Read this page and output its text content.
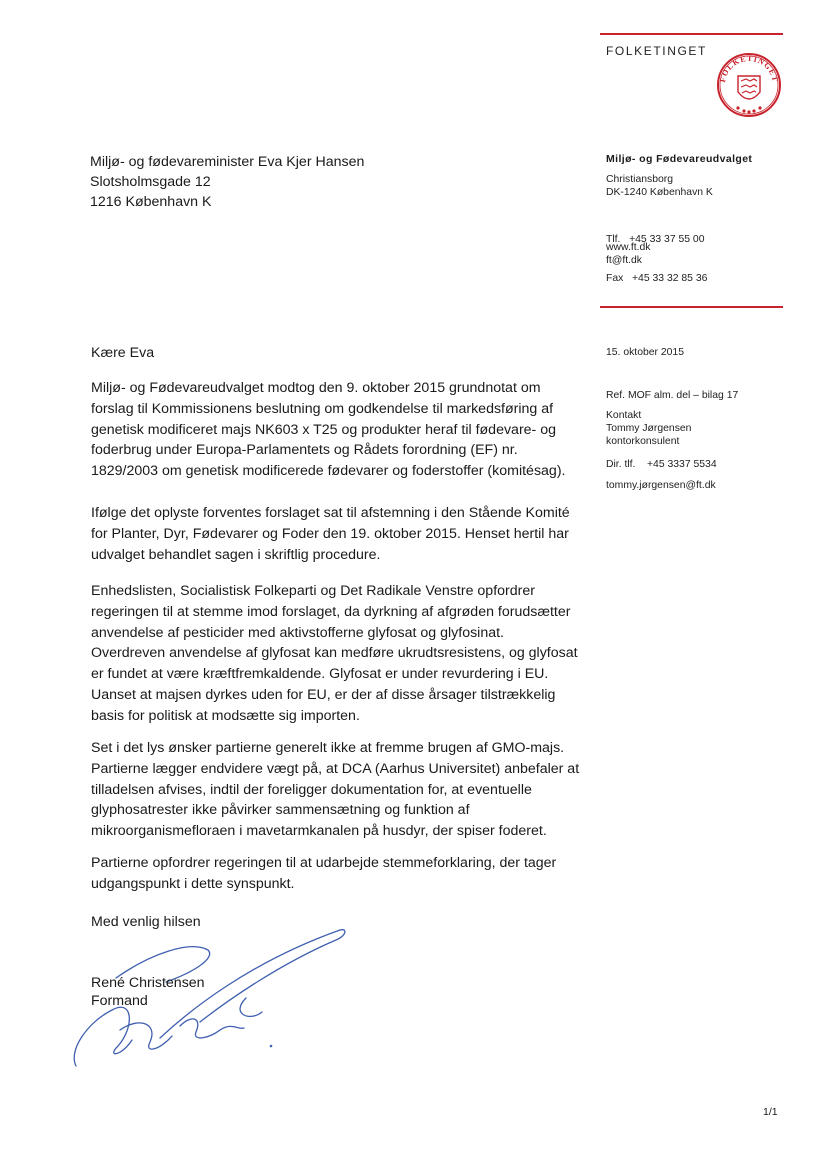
FOLKETINGET
FOLKETINGET
Miljø- og fødevareminister Eva Kjer Hansen
Slotsholmsgade 12
1216 København K
Miljø- og Fødevareudvalget
Christiansborg
DK-1240 København K

Tlf.   +45 33 37 55 00

Fax   +45 33 32 85 36

www.ft.dk
ft@ft.dk
15. oktober 2015
Ref. MOF alm. del – bilag 17
Kontakt
Tommy Jørgensen
kontorkonsulent
Dir. tlf.    +45 3337 5534
tommy.jørgensen@ft.dk
Kære Eva

Miljø- og Fødevareudvalget modtog den 9. oktober 2015 grundnotat om forslag til Kommissionens beslutning om godkendelse til markedsføring af genetisk modificeret majs NK603 x T25 og produkter heraf til fødevare- og foderbrug under Europa-Parlamentets og Rådets forordning (EF) nr. 1829/2003 om genetisk modificerede fødevarer og foderstoffer (komitésag).

Ifølge det oplyste forventes forslaget sat til afstemning i den Stående Komité for Planter, Dyr, Fødevarer og Foder den 19. oktober 2015. Henset hertil har udvalget behandlet sagen i skriftlig procedure.

Enhedslisten, Socialistisk Folkeparti og Det Radikale Venstre opfordrer regeringen til at stemme imod forslaget, da dyrkning af afgrøden forudsætter anvendelse af pesticider med aktivstofferne glyfosat og glyfosinat. Overdreven anvendelse af glyfosat kan medføre ukrudtsresistens, og glyfosat er fundet at være kræftfremkaldende. Glyfosat er under revurdering i EU. Uanset at majsen dyrkes uden for EU, er der af disse årsager tilstrækkelig basis for politisk at modsætte sig importen.

Set i det lys ønsker partierne generelt ikke at fremme brugen af GMO-majs. Partierne lægger endvidere vægt på, at DCA (Aarhus Universitet) anbefaler at tilladelsen afvises, indtil der foreligger dokumentation for, at eventuelle glyphosatrester ikke påvirker sammensætning og funktion af mikroorganismefloraen i mavetarmkanalen på husdyr, der spiser foderet.

Partierne opfordrer regeringen til at udarbejde stemmeforklaring, der tager udgangspunkt i dette synspunkt.

Med venlig hilsen
René Christensen
Formand
1/1
